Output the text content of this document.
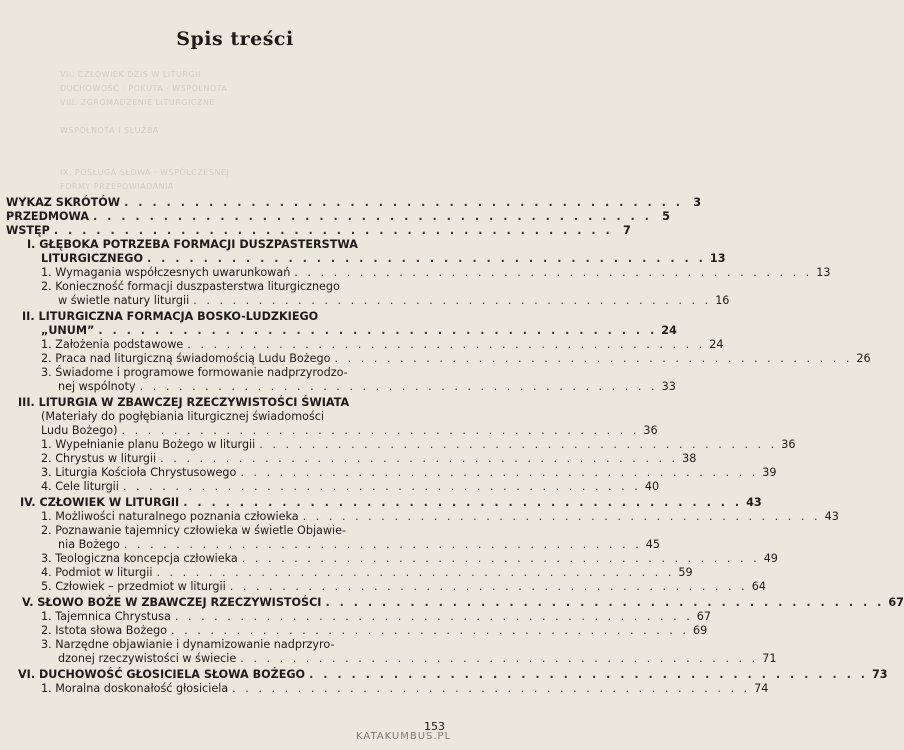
VII. CZŁOWIEK DZIŚ W LITURGII
DUCHOWOŚĆ · POKUTA · WSPÓLNOTA
VIII. ZGROMADZENIE LITURGICZNE
WSPÓLNOTA I SŁUŻBA
IX. POSŁUGA SŁOWA · WSPÓŁCZESNEJ
FORMY PRZEPOWIADANIA
Spis treści
WYKAZ SKRÓTÓW . . . . . . . . . . . . . . . . . . . . . . . . . . . . . . . . . . . . . . . . 3
PRZEDMOWA . . . . . . . . . . . . . . . . . . . . . . . . . . . . . . . . . . . . . . . . 5
WSTĘP . . . . . . . . . . . . . . . . . . . . . . . . . . . . . . . . . . . . . . . . 7
I. GŁĘBOKA POTRZEBA FORMACJI DUSZPASTERSTWA
LITURGICZNEGO . . . . . . . . . . . . . . . . . . . . . . . . . . . . . . . . . . . . . . . . 13
1. Wymagania współczesnych uwarunkowań . . . . . . . . . . . . . . . . . . . . . . . . . . . . . . . . . . . . . . . . 13
2. Konieczność formacji duszpasterstwa liturgicznego
w świetle natury liturgii . . . . . . . . . . . . . . . . . . . . . . . . . . . . . . . . . . . . . . . . 16
II. LITURGICZNA FORMACJA BOSKO-LUDZKIEGO
„UNUM” . . . . . . . . . . . . . . . . . . . . . . . . . . . . . . . . . . . . . . . . 24
1. Założenia podstawowe . . . . . . . . . . . . . . . . . . . . . . . . . . . . . . . . . . . . . . . . 24
2. Praca nad liturgiczną świadomością Ludu Bożego . . . . . . . . . . . . . . . . . . . . . . . . . . . . . . . . . . . . . . . . 26
3. Świadome i programowe formowanie nadprzyrodzo-
nej wspólnoty . . . . . . . . . . . . . . . . . . . . . . . . . . . . . . . . . . . . . . . . 33
III. LITURGIA W ZBAWCZEJ RZECZYWISTOŚCI ŚWIATA
(Materiały do pogłębiania liturgicznej świadomości
Ludu Bożego) . . . . . . . . . . . . . . . . . . . . . . . . . . . . . . . . . . . . . . . . 36
1. Wypełnianie planu Bożego w liturgii . . . . . . . . . . . . . . . . . . . . . . . . . . . . . . . . . . . . . . . . 36
2. Chrystus w liturgii . . . . . . . . . . . . . . . . . . . . . . . . . . . . . . . . . . . . . . . . 38
3. Liturgia Kościoła Chrystusowego . . . . . . . . . . . . . . . . . . . . . . . . . . . . . . . . . . . . . . . . 39
4. Cele liturgii . . . . . . . . . . . . . . . . . . . . . . . . . . . . . . . . . . . . . . . . 40
IV. CZŁOWIEK W LITURGII . . . . . . . . . . . . . . . . . . . . . . . . . . . . . . . . . . . . . . . . 43
1. Możliwości naturalnego poznania człowieka . . . . . . . . . . . . . . . . . . . . . . . . . . . . . . . . . . . . . . . . 43
2. Poznawanie tajemnicy człowieka w świetle Objawie-
nia Bożego . . . . . . . . . . . . . . . . . . . . . . . . . . . . . . . . . . . . . . . . 45
3. Teologiczna koncepcja człowieka . . . . . . . . . . . . . . . . . . . . . . . . . . . . . . . . . . . . . . . . 49
4. Podmiot w liturgii . . . . . . . . . . . . . . . . . . . . . . . . . . . . . . . . . . . . . . . . 59
5. Człowiek – przedmiot w liturgii . . . . . . . . . . . . . . . . . . . . . . . . . . . . . . . . . . . . . . . . 64
V. SŁOWO BOŻE W ZBAWCZEJ RZECZYWISTOŚCI . . . . . . . . . . . . . . . . . . . . . . . . . . . . . . . . . . . . . . . . 67
1. Tajemnica Chrystusa . . . . . . . . . . . . . . . . . . . . . . . . . . . . . . . . . . . . . . . . 67
2. Istota słowa Bożego . . . . . . . . . . . . . . . . . . . . . . . . . . . . . . . . . . . . . . . . 69
3. Narzędne objawianie i dynamizowanie nadprzyro-
dzonej rzeczywistości w świecie . . . . . . . . . . . . . . . . . . . . . . . . . . . . . . . . . . . . . . . . 71
VI. DUCHOWOŚĆ GŁOSICIELA SŁOWA BOŻEGO . . . . . . . . . . . . . . . . . . . . . . . . . . . . . . . . . . . . . . . . 73
1. Moralna doskonałość głosiciela . . . . . . . . . . . . . . . . . . . . . . . . . . . . . . . . . . . . . . . . 74
153
KATAKUMBUS.PL
